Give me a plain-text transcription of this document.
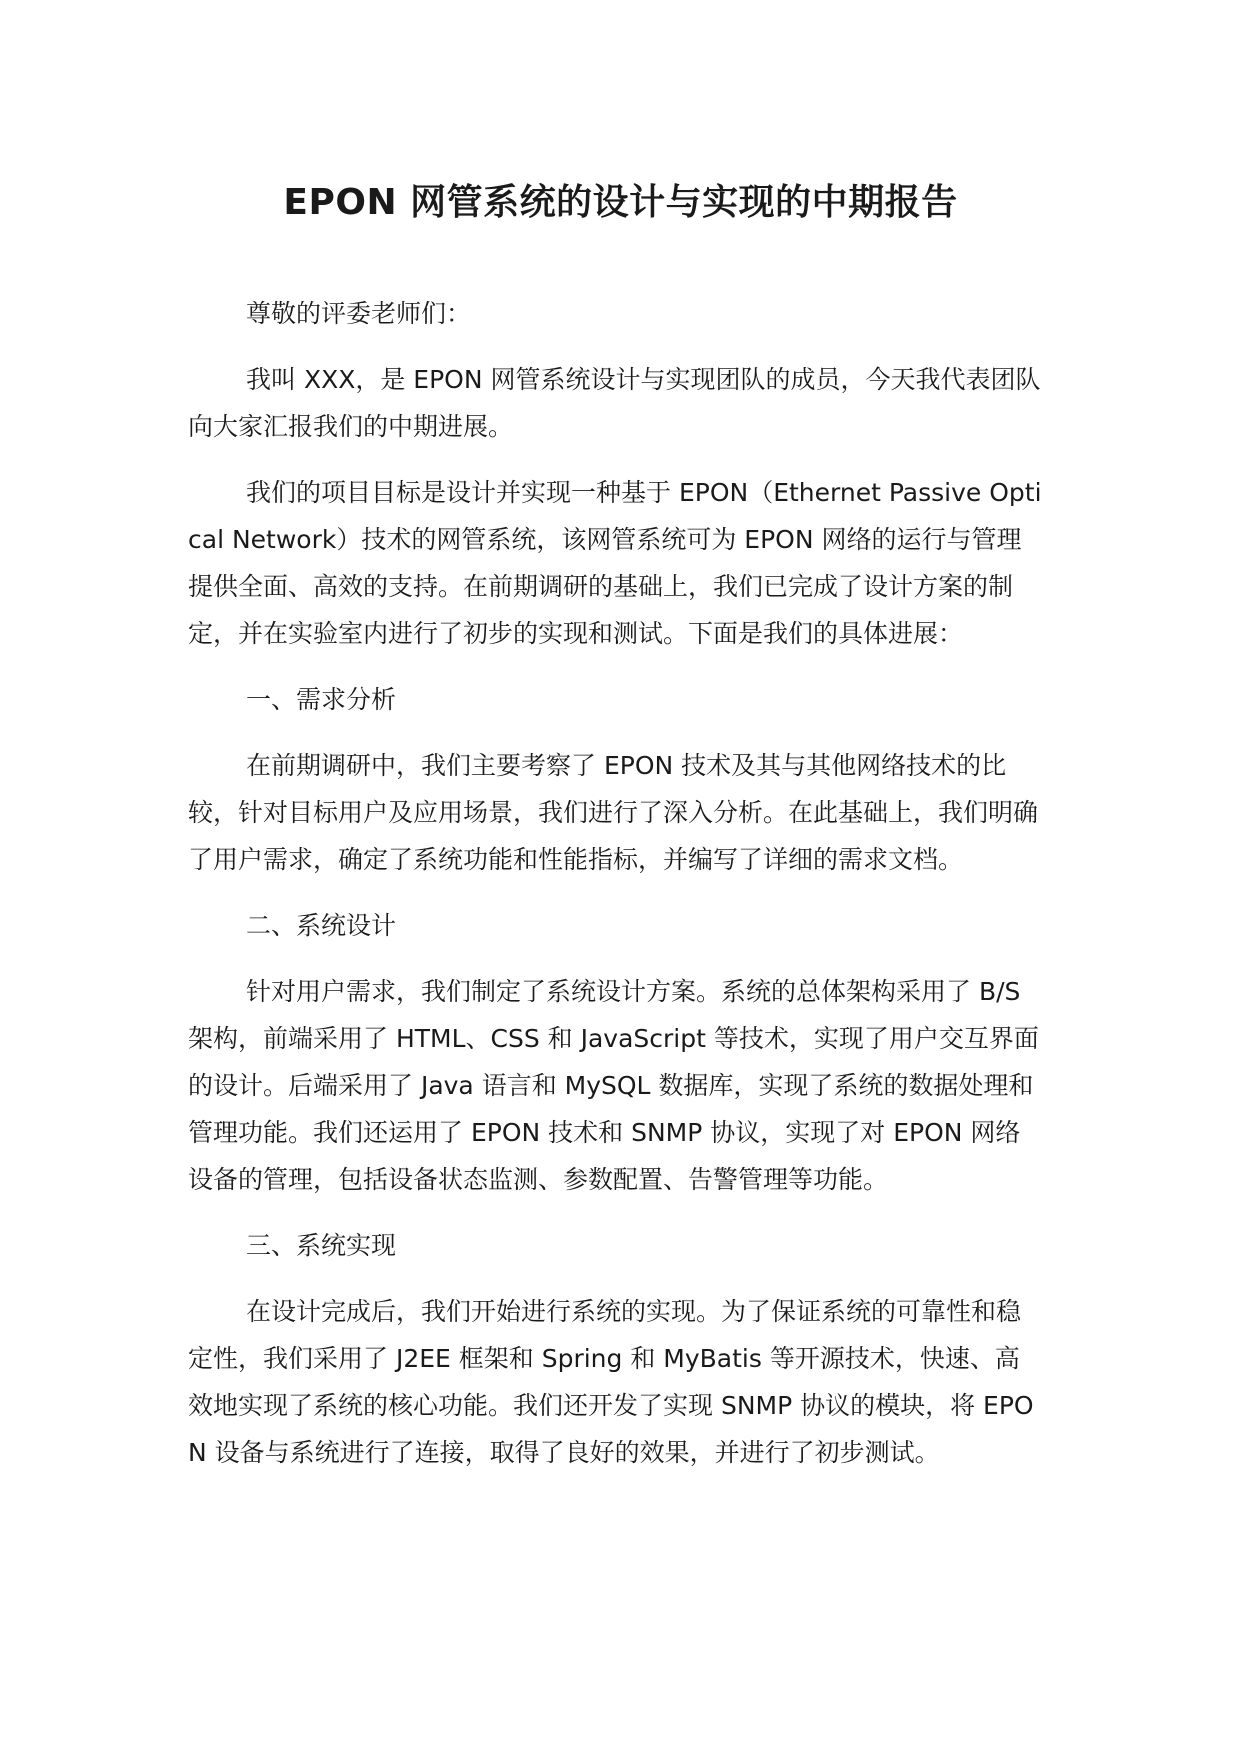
EPON 网管系统的设计与实现的中期报告

尊敬的评委老师们：

我叫 XXX，是 EPON 网管系统设计与实现团队的成员，今天我代表团队向大家汇报我们的中期进展。

我们的项目目标是设计并实现一种基于 EPON（Ethernet Passive Optical Network）技术的网管系统，该网管系统可为 EPON 网络的运行与管理提供全面、高效的支持。在前期调研的基础上，我们已完成了设计方案的制定，并在实验室内进行了初步的实现和测试。下面是我们的具体进展：

一、需求分析

在前期调研中，我们主要考察了 EPON 技术及其与其他网络技术的比较，针对目标用户及应用场景，我们进行了深入分析。在此基础上，我们明确了用户需求，确定了系统功能和性能指标，并编写了详细的需求文档。

二、系统设计

针对用户需求，我们制定了系统设计方案。系统的总体架构采用了 B/S 架构，前端采用了 HTML、CSS 和 JavaScript 等技术，实现了用户交互界面的设计。后端采用了 Java 语言和 MySQL 数据库，实现了系统的数据处理和管理功能。我们还运用了 EPON 技术和 SNMP 协议，实现了对 EPON 网络设备的管理，包括设备状态监测、参数配置、告警管理等功能。

三、系统实现

在设计完成后，我们开始进行系统的实现。为了保证系统的可靠性和稳定性，我们采用了 J2EE 框架和 Spring 和 MyBatis 等开源技术，快速、高效地实现了系统的核心功能。我们还开发了实现 SNMP 协议的模块，将 EPON 设备与系统进行了连接，取得了良好的效果，并进行了初步测试。
